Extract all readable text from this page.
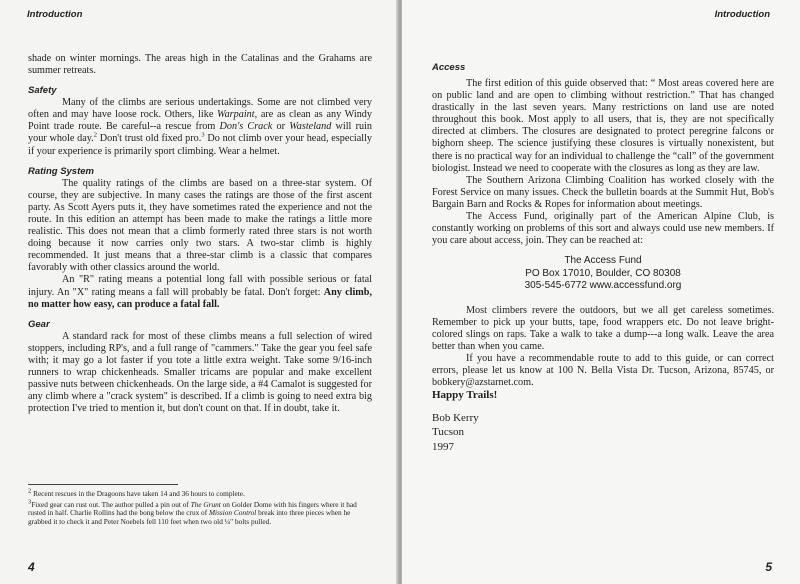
Introduction

shade on winter mornings. The areas high in the Catalinas and the Grahams are summer retreats.

Safety

Many of the climbs are serious undertakings. Some are not climbed very often and may have loose rock. Others, like Warpaint, are as clean as any Windy Point trade route. Be careful--a rescue from Don's Crack or Wasteland will ruin your whole day.$^2$ Don't trust old fixed pro.$^3$ Do not climb over your head, especially if your experience is primarily sport climbing. Wear a helmet.

Rating System

The quality ratings of the climbs are based on a three-star system. Of course, they are subjective. In many cases the ratings are those of the first ascent party. As Scott Ayers puts it, they have sometimes rated the experience and not the route. In this edition an attempt has been made to make the ratings a little more realistic. This does not mean that a climb formerly rated three stars is not worth doing because it now carries only two stars. A two-star climb is highly recommended. It just means that a three-star climb is a classic that compares favorably with other classics around the world.

An "R" rating means a potential long fall with possible serious or fatal injury. An "X" rating means a fall will probably be fatal. Don't forget: Any climb, no matter how easy, can produce a fatal fall.

Gear

A standard rack for most of these climbs means a full selection of wired stoppers, including RP's, and a full range of "cammers." Take the gear you feel safe with; it may go a lot faster if you tote a little extra weight. Take some 9/16-inch runners to wrap chickenheads. Smaller tricams are popular and make excellent passive nuts between chickenheads. On the large side, a #4 Camalot is suggested for any climb where a "crack system" is described. If a climb is going to need extra big protection I've tried to mention it, but don't count on that. If in doubt, take it.

$^2$ Recent rescues in the Dragoons have taken 14 and 36 hours to complete.

$^3$Fixed gear can rust out. The author pulled a pin out of The Grunt on Golder Dome with his fingers where it had rusted in half. Charlie Rollins had the bong below the crux of Mission Control break into three pieces when he grabbed it to check it and Peter Noebels fell 110 feet when two old ¼" bolts pulled.

4
Introduction
Access

The first edition of this guide observed that: “ Most areas covered here are on public land and are open to climbing without restriction.” That has changed drastically in the last seven years. Many restrictions on land use are noted throughout this book. Most apply to all users, that is, they are not specifically directed at climbers. The closures are designated to protect peregrine falcons or bighorn sheep. The science justifying these closures is virtually nonexistent, but there is no practical way for an individual to challenge the “call” of the government biologist. Instead we need to cooperate with the closures as long as they are law.

The Southern Arizona Climbing Coalition has worked closely with the Forest Service on many issues. Check the bulletin boards at the Summit Hut, Bob's Bargain Barn and Rocks & Ropes for information about meetings.

The Access Fund, originally part of the American Alpine Club, is constantly working on problems of this sort and always could use new members. If you care about access, join. They can be reached at:

The Access Fund
PO Box 17010, Boulder, CO 80308
305-545-6772 www.accessfund.org

Most climbers revere the outdoors, but we all get careless sometimes. Remember to pick up your butts, tape, food wrappers etc. Do not leave bright-colored slings on raps. Take a walk to take a dump---a long walk. Leave the area better than when you came.

If you have a recommendable route to add to this guide, or can correct errors, please let us know at 100 N. Bella Vista Dr. Tucson, Arizona, 85745, or bobkery@azstarnet.com.

Happy Trails!

Bob Kerry
Tucson
1997
5
